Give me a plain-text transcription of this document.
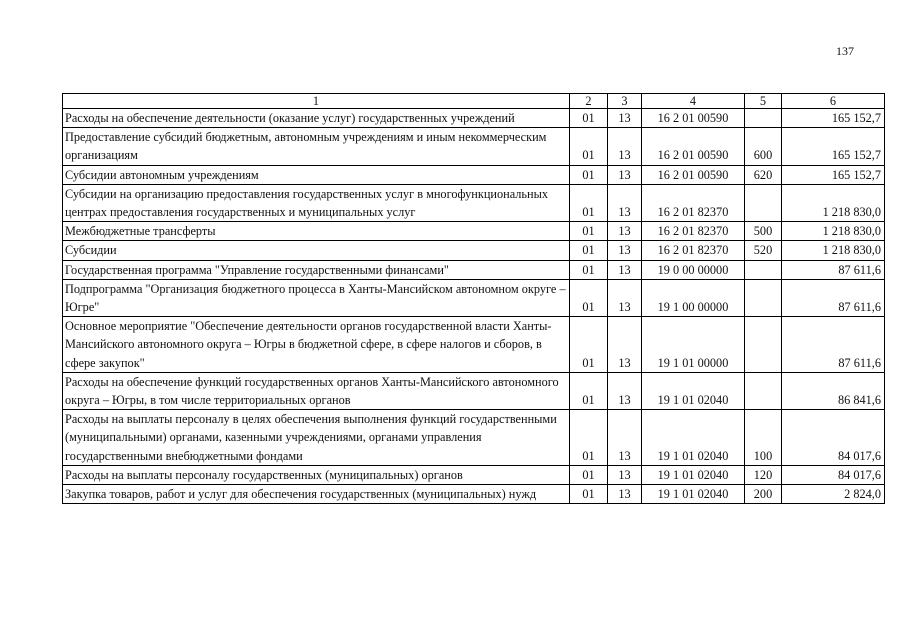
137
1	2	3	4	5	6
Расходы на обеспечение деятельности (оказание услуг) государственных учреждений	01	13	16 2 01 00590		165 152,7
Предоставление субсидий бюджетным, автономным учреждениям и иным некоммерческим организациям	01	13	16 2 01 00590	600	165 152,7
Субсидии автономным учреждениям	01	13	16 2 01 00590	620	165 152,7
Субсидии на организацию предоставления государственных услуг в многофункциональных центрах предоставления государственных и муниципальных услуг	01	13	16 2 01 82370		1 218 830,0
Межбюджетные трансферты	01	13	16 2 01 82370	500	1 218 830,0
Субсидии	01	13	16 2 01 82370	520	1 218 830,0
Государственная программа "Управление государственными финансами"	01	13	19 0 00 00000		87 611,6
Подпрограмма "Организация бюджетного процесса в Ханты-Мансийском автономном округе – Югре"	01	13	19 1 00 00000		87 611,6
Основное мероприятие "Обеспечение деятельности органов государственной власти Ханты-Мансийского автономного округа – Югры в бюджетной сфере, в сфере налогов и сборов, в сфере закупок"	01	13	19 1 01 00000		87 611,6
Расходы на обеспечение функций государственных органов Ханты-Мансийского автономного округа – Югры, в том числе территориальных органов	01	13	19 1 01 02040		86 841,6
Расходы на выплаты персоналу в целях обеспечения выполнения функций государственными (муниципальными) органами, казенными учреждениями, органами управления государственными внебюджетными фондами	01	13	19 1 01 02040	100	84 017,6
Расходы на выплаты персоналу государственных (муниципальных) органов	01	13	19 1 01 02040	120	84 017,6
Закупка товаров, работ и услуг для обеспечения государственных (муниципальных) нужд	01	13	19 1 01 02040	200	2 824,0
